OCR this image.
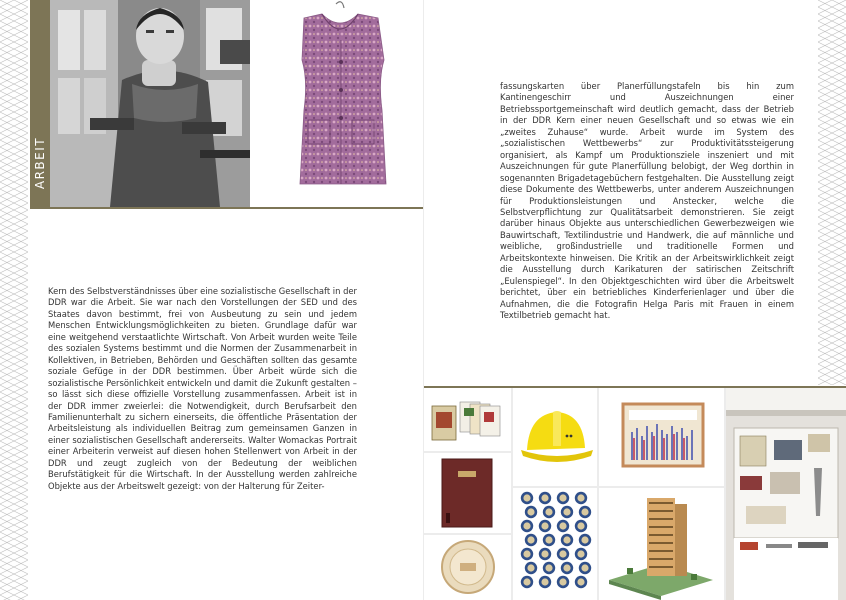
ARBEIT
Kern des Selbstverständnisses über eine sozialistische Gesellschaft in der DDR war die Arbeit. Sie war nach den Vorstellungen der SED und des Staates davon bestimmt, frei von Ausbeutung zu sein und jedem Menschen Entwicklungsmöglichkeiten zu bieten. Grundlage dafür war eine weitgehend verstaatlichte Wirtschaft. Von Arbeit wurden weite Teile des sozialen Systems bestimmt und die Normen der Zusammenarbeit in Kollektiven, in Betrieben, Behörden und Geschäften sollten das gesamte soziale Gefüge in der DDR bestimmen. Über Arbeit würde sich die sozialistische Persönlichkeit entwickeln und damit die Zukunft gestalten – so lässt sich diese offizielle Vorstellung zusammenfassen. Arbeit ist in der DDR immer zweierlei: die Notwendigkeit, durch Berufsarbeit den Familienunterhalt zu sichern einerseits, die öffentliche Präsentation der Arbeitsleistung als individuellen Beitrag zum gemeinsamen Ganzen in einer sozialistischen Gesellschaft andererseits. Walter Womackas Portrait einer Arbeiterin verweist auf diesen hohen Stellenwert von Arbeit in der DDR und zeugt zugleich von der Bedeutung der weiblichen Berufstätigkeit für die Wirtschaft. In der Ausstellung werden zahlreiche Objekte aus der Arbeitswelt gezeigt: von der Halterung für Zeiter-
fassungskarten über Planerfüllungstafeln bis hin zum Kantinengeschirr und Auszeichnungen einer Betriebssportgemeinschaft wird deutlich gemacht, dass der Betrieb in der DDR Kern einer neuen Gesellschaft und so etwas wie ein „zweites Zuhause“ wurde. Arbeit wurde im System des „sozialistischen Wettbewerbs“ zur Produktivitätssteigerung organisiert, als Kampf um Produktionsziele inszeniert und mit Auszeichnungen für gute Planerfüllung belobigt, der Weg dorthin in sogenannten Brigadetagebüchern festgehalten. Die Ausstellung zeigt diese Dokumente des Wettbewerbs, unter anderem Auszeichnungen für Produktionsleistungen und Anstecker, welche die Selbstverpflichtung zur Qualitätsarbeit demonstrieren. Sie zeigt darüber hinaus Objekte aus unterschiedlichen Gewerbezweigen wie Bauwirtschaft, Textilindustrie und Handwerk, die auf männliche und weibliche, großindustrielle und traditionelle Formen und Arbeitskontexte hinweisen. Die Kritik an der Arbeitswirklichkeit zeigt die Ausstellung durch Karikaturen der satirischen Zeitschrift „Eulenspiegel“. In den Objektgeschichten wird über die Arbeitswelt berichtet, über ein betriebliches Kinderferienlager und über die Aufnahmen, die die Fotografin Helga Paris mit Frauen in einem Textilbetrieb gemacht hat.
